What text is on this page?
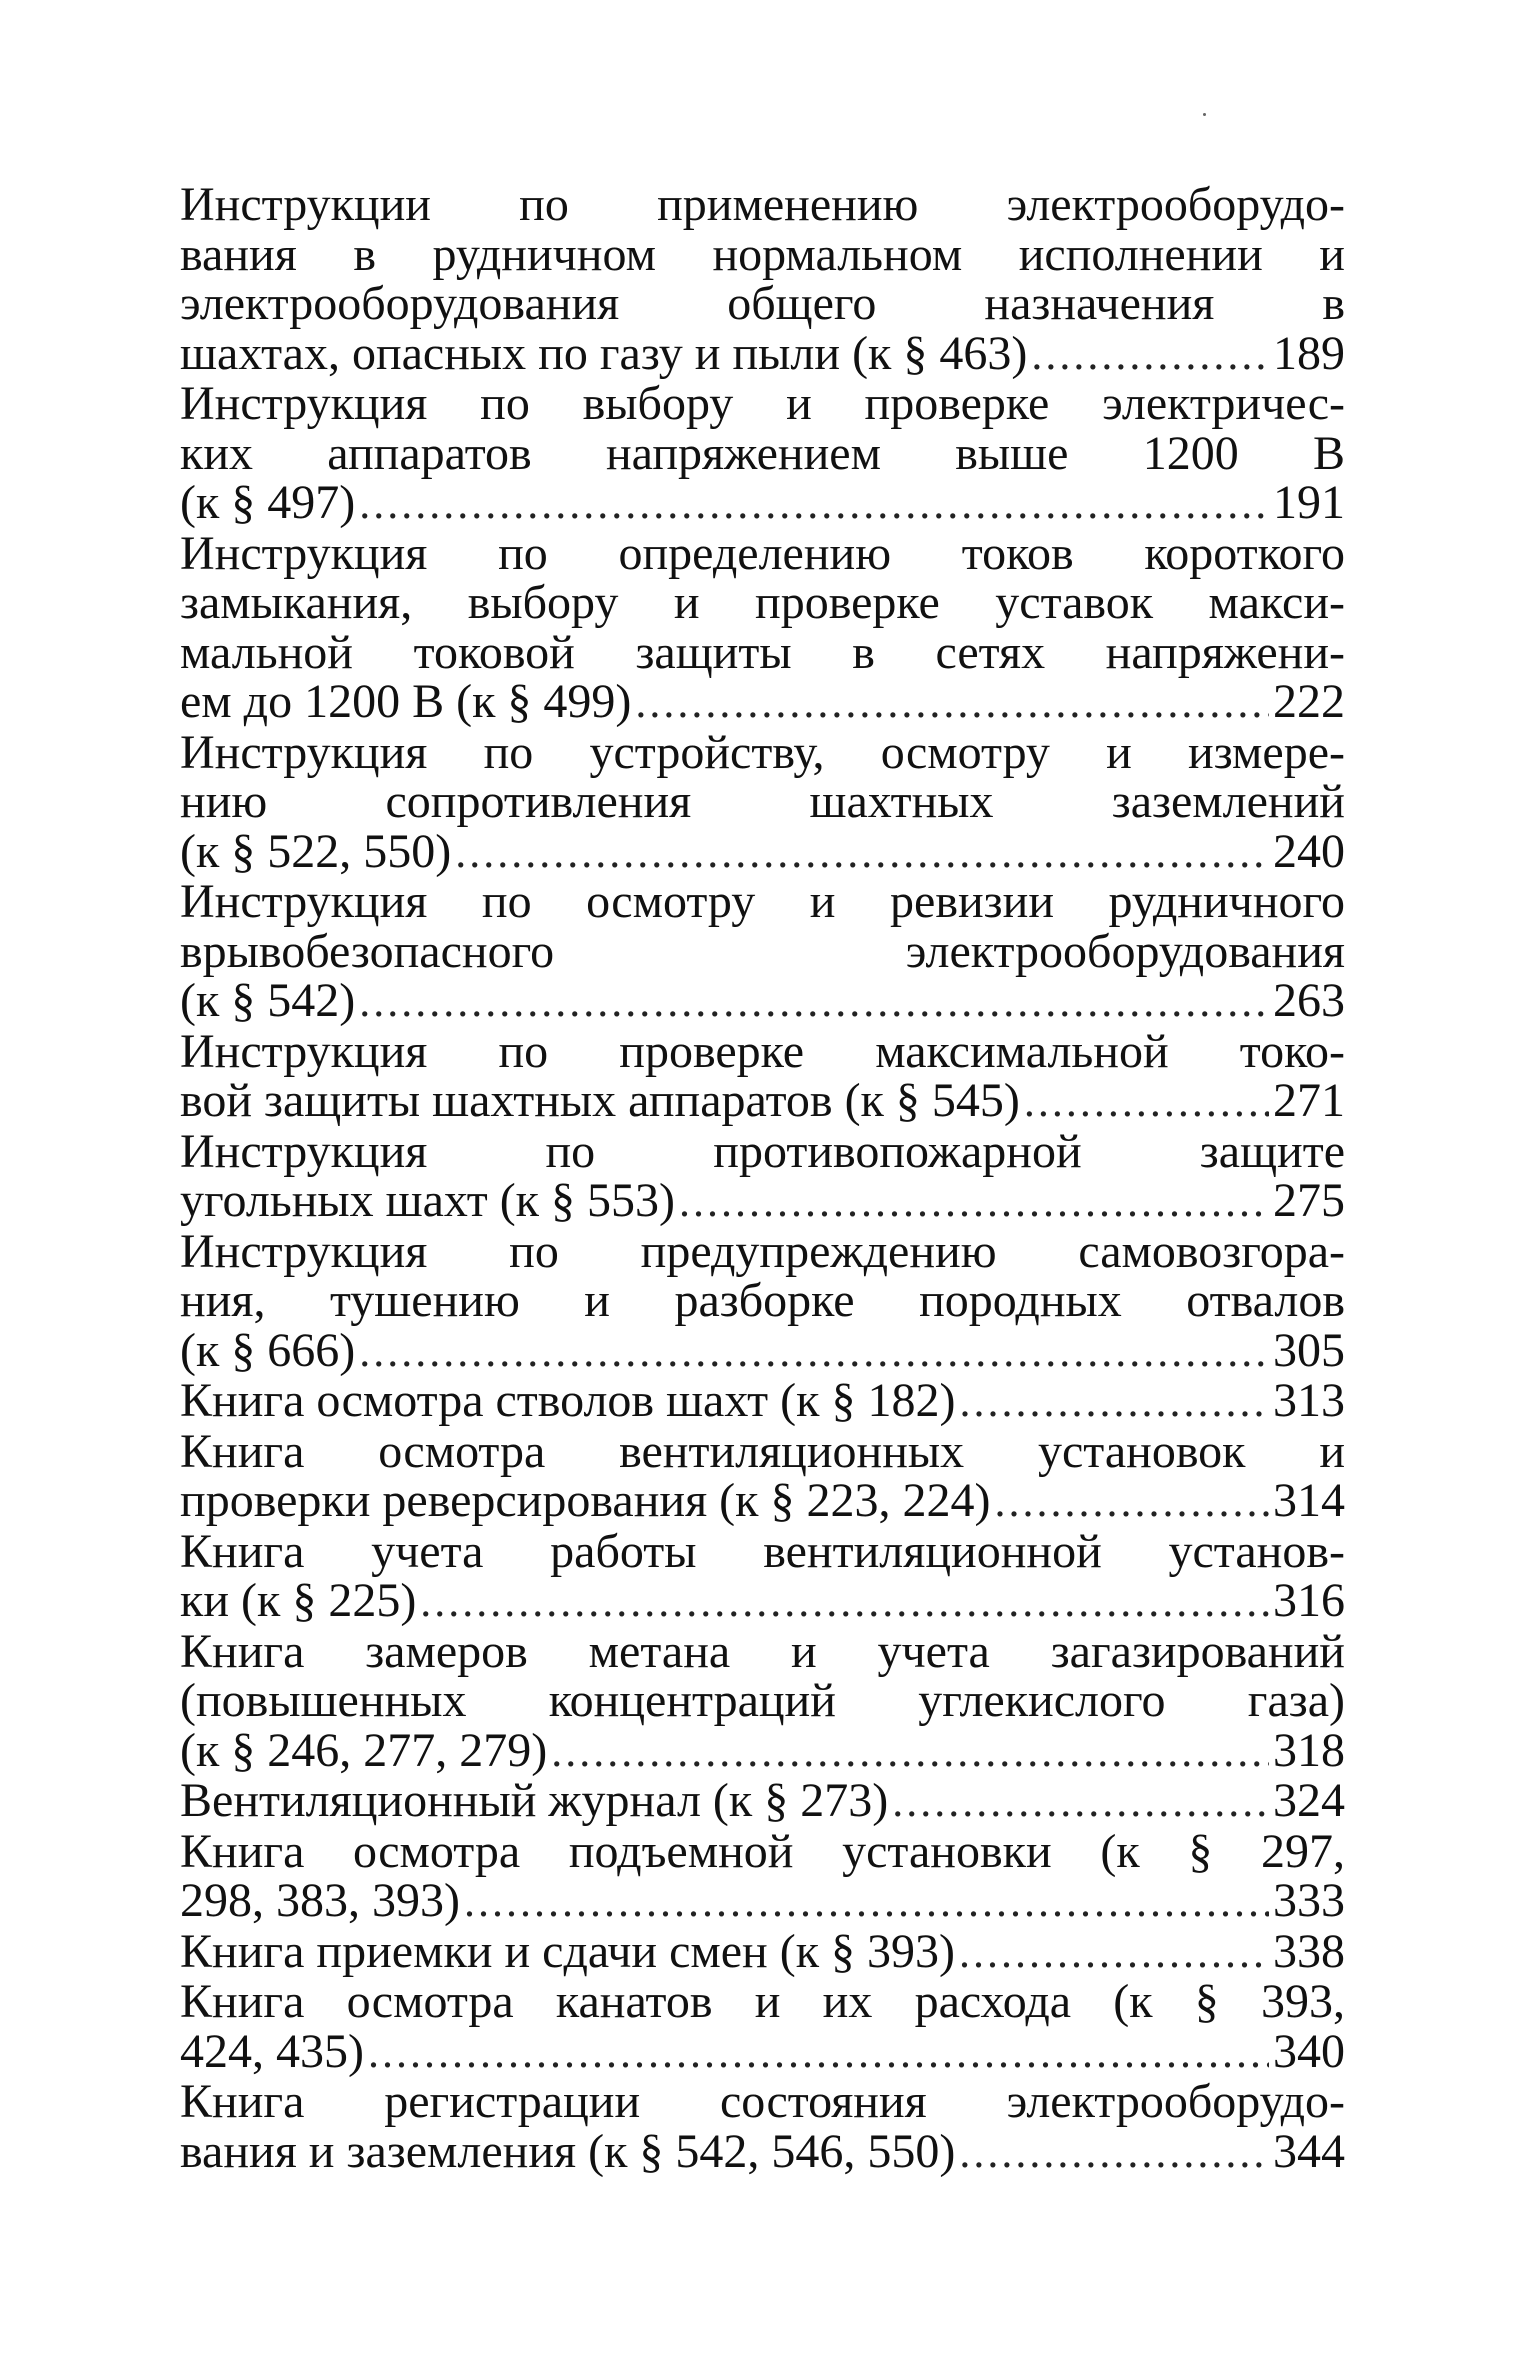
Инструкции по применению электрооборудо-
вания в рудничном нормальном исполнении и
электрооборудования общего назначения в
шахтах, опасных по газу и пыли (к § 463) .....	189
Инструкция по выбору и проверке электричес-
ких аппаратов напряжением выше 1200 В
(к § 497) .....	191
Инструкция по определению токов короткого
замыкания, выбору и проверке уставок макси-
мальной токовой защиты в сетях напряжени-
ем до 1200 В (к § 499) .....	222
Инструкция по устройству, осмотру и измере-
нию сопротивления шахтных заземлений
(к § 522, 550) .....	240
Инструкция по осмотру и ревизии рудничного
врывобезопасного электрооборудования
(к § 542) .....	263
Инструкция по проверке максимальной токо-
вой защиты шахтных аппаратов (к § 545) .....	271
Инструкция по противопожарной защите
угольных шахт (к § 553) .....	275
Инструкция по предупреждению самовозгора-
ния, тушению и разборке породных отвалов
(к § 666) .....	305
Книга осмотра стволов шахт (к § 182) .....	313
Книга осмотра вентиляционных установок и
проверки реверсирования (к § 223, 224) .....	314
Книга учета работы вентиляционной установ-
ки (к § 225) .....	316
Книга замеров метана и учета загазирований
(повышенных концентраций углекислого газа)
(к § 246, 277, 279) .....	318
Вентиляционный журнал (к § 273) .....	324
Книга осмотра подъемной установки (к § 297,
298, 383, 393) .....	333
Книга приемки и сдачи смен (к § 393) .....	338
Книга осмотра канатов и их расхода (к § 393,
424, 435) .....	340
Книга регистрации состояния электрооборудо-
вания и заземления (к § 542, 546, 550) .....	344
